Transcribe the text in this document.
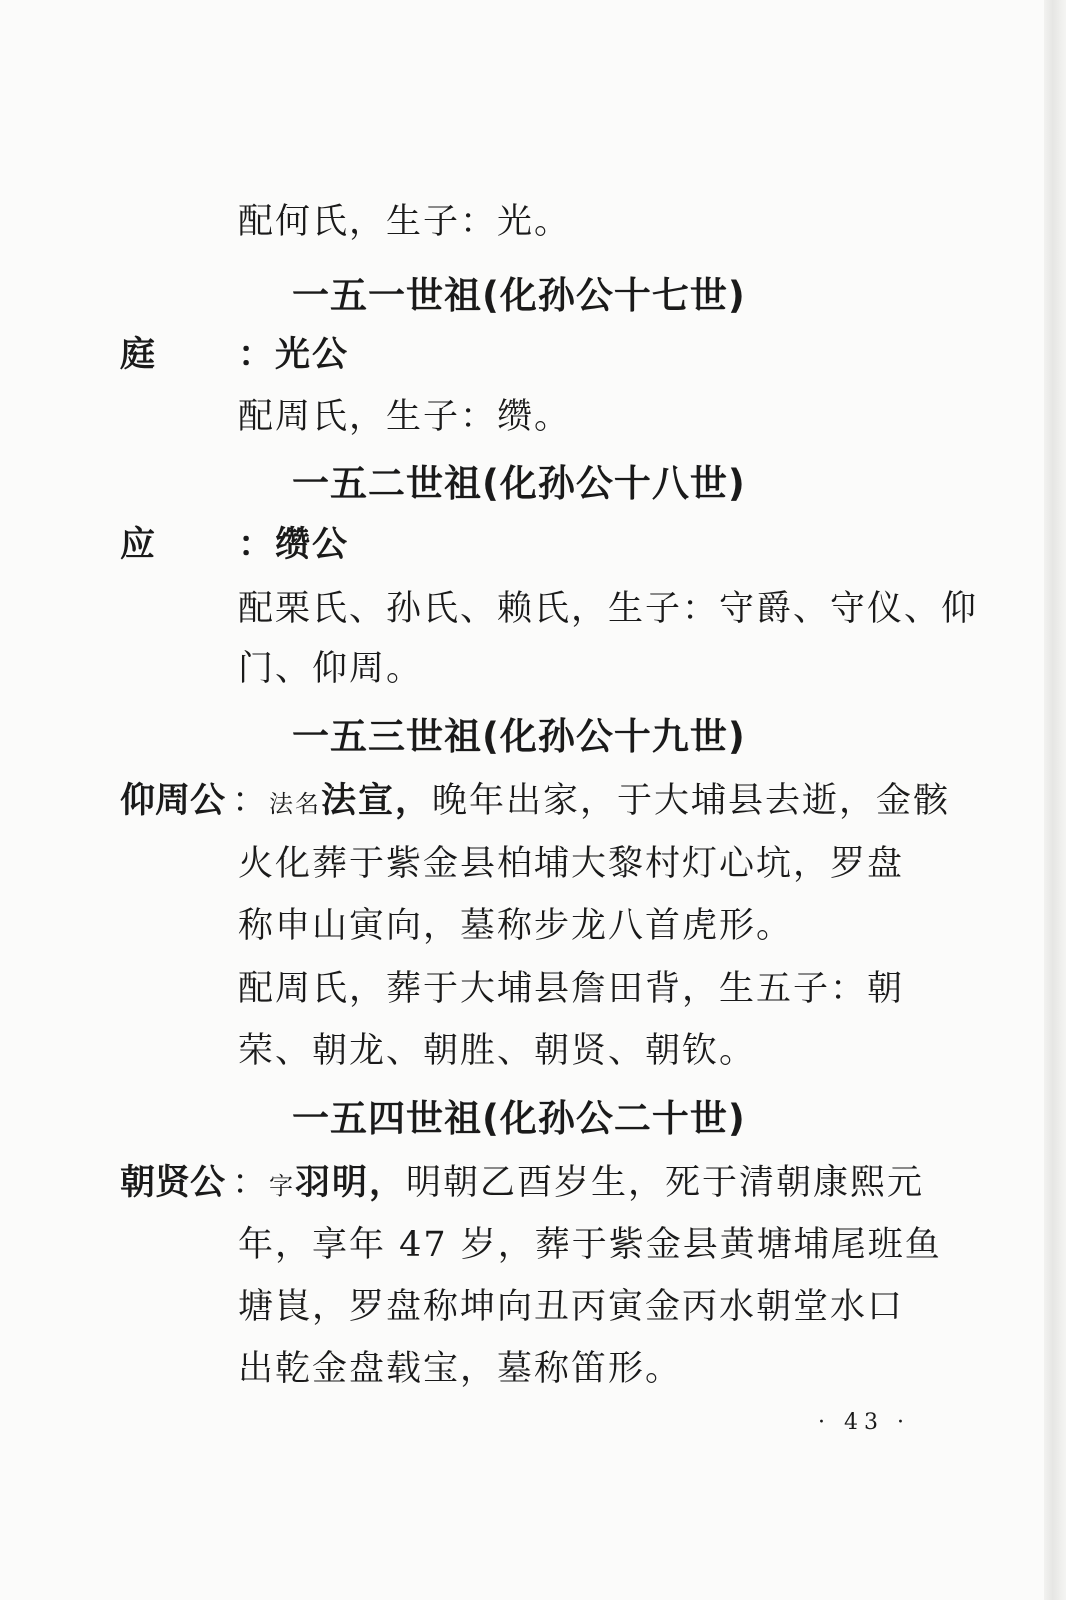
配何氏，生子：光。
一五一世祖(化孙公十七世)
庭 ：光公
配周氏，生子：缵。
一五二世祖(化孙公十八世)
应 ：缵公
配栗氏、孙氏、赖氏，生子：守爵、守仪、仰
门、仰周。
一五三世祖(化孙公十九世)
仰周公 ：法名法宣，晚年出家，于大埔县去逝，金骸
火化葬于紫金县柏埔大黎村灯心坑，罗盘
称申山寅向，墓称步龙八首虎形。
配周氏，葬于大埔县詹田背，生五子：朝
荣、朝龙、朝胜、朝贤、朝钦。
一五四世祖(化孙公二十世)
朝贤公 ：字羽明，明朝乙酉岁生，死于清朝康熙元
年，享年 47 岁，葬于紫金县黄塘埔尾班鱼
塘崀，罗盘称坤向丑丙寅金丙水朝堂水口
出乾金盘载宝，墓称笛形。
· 43 ·
